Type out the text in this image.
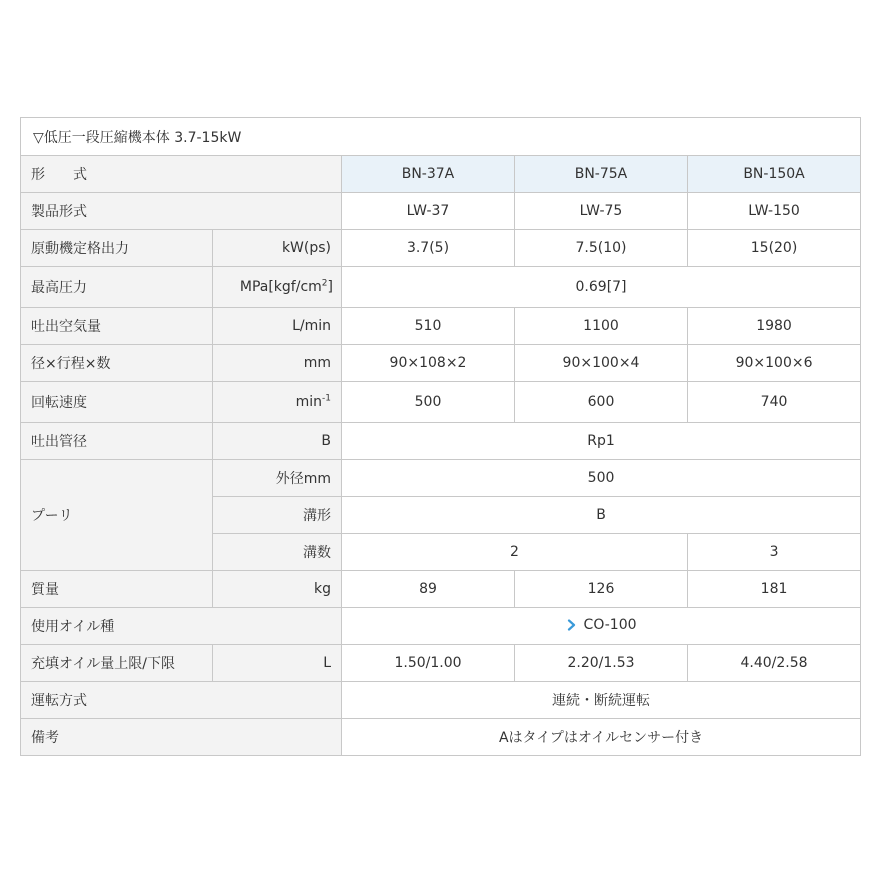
▽低圧一段圧縮機本体 3.7-15kW				
形　　式		BN-37A	BN-75A	BN-150A
製品形式		LW-37	LW-75	LW-150
原動機定格出力	kW(ps)	3.7(5)	7.5(10)	15(20)
最高圧力	$MPa[kgf/cm^2]$	0.69[7]		
吐出空気量	L/min	510	1100	1980
径×行程×数	mm	90×108×2	90×100×4	90×100×6
回転速度	$\min^{-1}$	500	600	740
吐出管径	B	Rp1		
プーリ	外径mm	500		
	溝形	B		
	溝数	2		3
質量	kg	89	126	181
使用オイル種		CO-100		

充填オイル量上限/下限	L	1.50/1.00	2.20/1.53	4.40/2.58
運転方式		連続・断続運転		
備考		Aはタイプはオイルセンサー付き		
